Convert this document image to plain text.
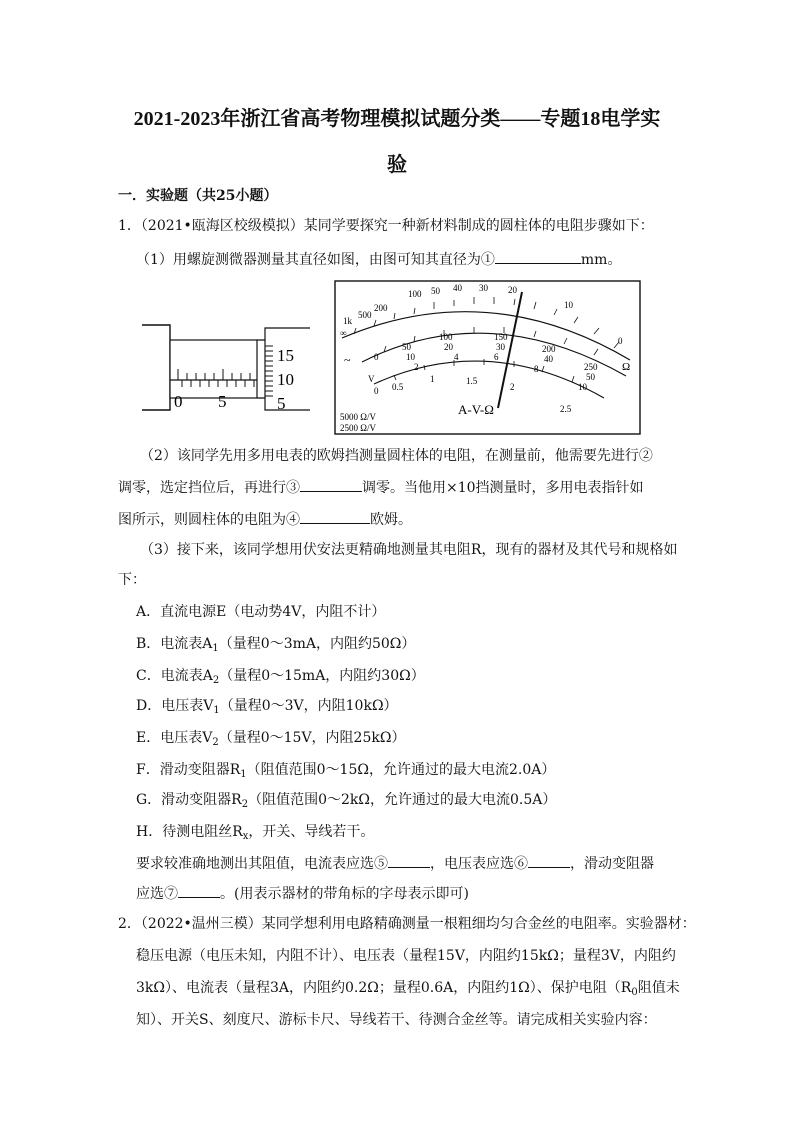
2021-2023年浙江省高考物理模拟试题分类——专题18电学实
验
一．实验题（共25小题）
1．（2021•瓯海区校级模拟）某同学要探究一种新材料制成的圆柱体的电阻步骤如下：
（1）用螺旋测微器测量其直径如图，由图可知其直径为①	mm。
0 5
15
10
5
∞
1k
500
200
100 50 40 30 20
10
0
Ω
0
50
100	150
200
250
10
20	30
40
50
2
4	6
8
10
~
0 0.5
1	1.5
2
2.5
V
A-V-Ω
5000 Ω/V
2500 Ω/V
（2）该同学先用多用电表的欧姆挡测量圆柱体的电阻，在测量前，他需要先进行②
调零，选定挡位后，再进行③	调零。当他用×10挡测量时，多用电表指针如
图所示，则圆柱体的电阻为④	欧姆。
（3）接下来，该同学想用伏安法更精确地测量其电阻R，现有的器材及其代号和规格如
下：
A．直流电源E（电动势4V，内阻不计）
B．电流表$A_1$（量程0～3mA，内阻约50Ω）
C．电流表$A_2$（量程0～15mA，内阻约30Ω）
D．电压表$V_1$（量程0～3V，内阻10kΩ）
E．电压表$V_2$（量程0～15V，内阻25kΩ）
F．滑动变阻器$R_1$（阻值范围0～15Ω，允许通过的最大电流2.0A）
G．滑动变阻器$R_2$（阻值范围0～2kΩ，允许通过的最大电流0.5A）
H．待测电阻丝$R_x$，开关、导线若干。
要求较准确地测出其阻值，电流表应选⑤	，电压表应选⑥	，滑动变阻器
应选⑦	。(用表示器材的带角标的字母表示即可)
2．（2022•温州三模）某同学想利用电路精确测量一根粗细均匀合金丝的电阻率。实验器材：
稳压电源（电压未知，内阻不计）、电压表（量程15V，内阻约15kΩ；量程3V，内阻约
3kΩ）、电流表（量程3A，内阻约0.2Ω；量程0.6A，内阻约1Ω）、保护电阻（$R_0$阻值未
知）、开关S、刻度尺、游标卡尺、导线若干、待测合金丝等。请完成相关实验内容：
